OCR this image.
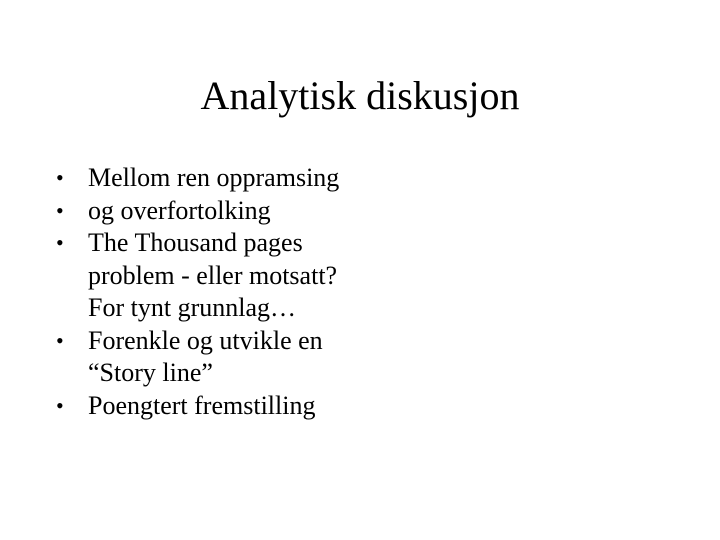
Analytisk diskusjon
• Mellom ren oppramsing
• og overfortolking
• The Thousand pages problem - eller motsatt? For tynt grunnlag…
• Forenkle og utvikle en “Story line”
• Poengtert fremstilling
